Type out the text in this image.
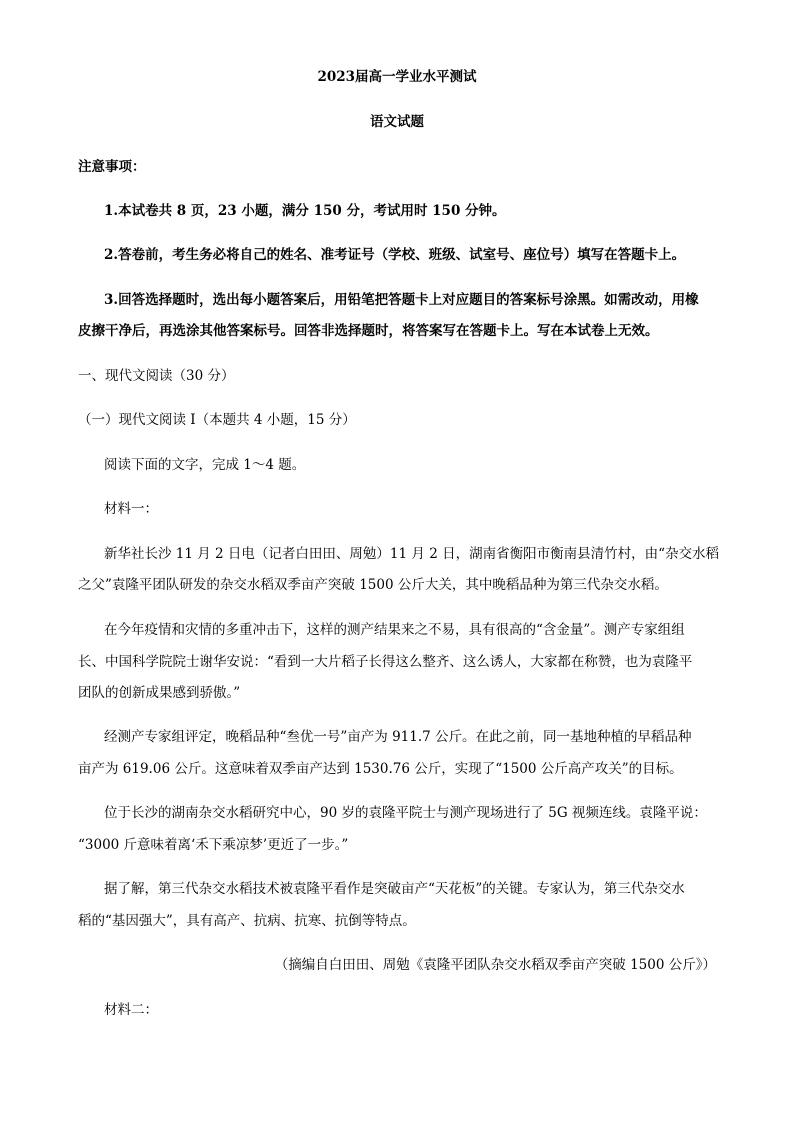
2023届高一学业水平测试
语文试题
注意事项：
1.本试卷共 8 页，23 小题，满分 150 分，考试用时 150 分钟。
2.答卷前，考生务必将自己的姓名、准考证号（学校、班级、试室号、座位号）填写在答题卡上。
3.回答选择题时，选出每小题答案后，用铅笔把答题卡上对应题目的答案标号涂黑。如需改动，用橡
皮擦干净后，再选涂其他答案标号。回答非选择题时，将答案写在答题卡上。写在本试卷上无效。
一、现代文阅读（30 分）
（一）现代文阅读 I（本题共 4 小题，15 分）
阅读下面的文字，完成 1～4 题。
材料一：
新华社长沙 11 月 2 日电（记者白田田、周勉）11 月 2 日，湖南省衡阳市衡南县清竹村，由“杂交水稻
之父”袁隆平团队研发的杂交水稻双季亩产突破 1500 公斤大关，其中晚稻品种为第三代杂交水稻。
在今年疫情和灾情的多重冲击下，这样的测产结果来之不易，具有很高的“含金量”。测产专家组组
长、中国科学院院士谢华安说：“看到一大片稻子长得这么整齐、这么诱人，大家都在称赞，也为袁隆平
团队的创新成果感到骄傲。”
经测产专家组评定，晚稻品种“叁优一号”亩产为 911.7 公斤。在此之前，同一基地种植的早稻品种
亩产为 619.06 公斤。这意味着双季亩产达到 1530.76 公斤，实现了“1500 公斤高产攻关”的目标。
位于长沙的湖南杂交水稻研究中心，90 岁的袁隆平院士与测产现场进行了 5G 视频连线。袁隆平说：
“3000 斤意味着离‘禾下乘凉梦’更近了一步。”
据了解，第三代杂交水稻技术被袁隆平看作是突破亩产“天花板”的关键。专家认为，第三代杂交水
稻的“基因强大”，具有高产、抗病、抗寒、抗倒等特点。
（摘编自白田田、周勉《袁隆平团队杂交水稻双季亩产突破 1500 公斤》）
材料二：
